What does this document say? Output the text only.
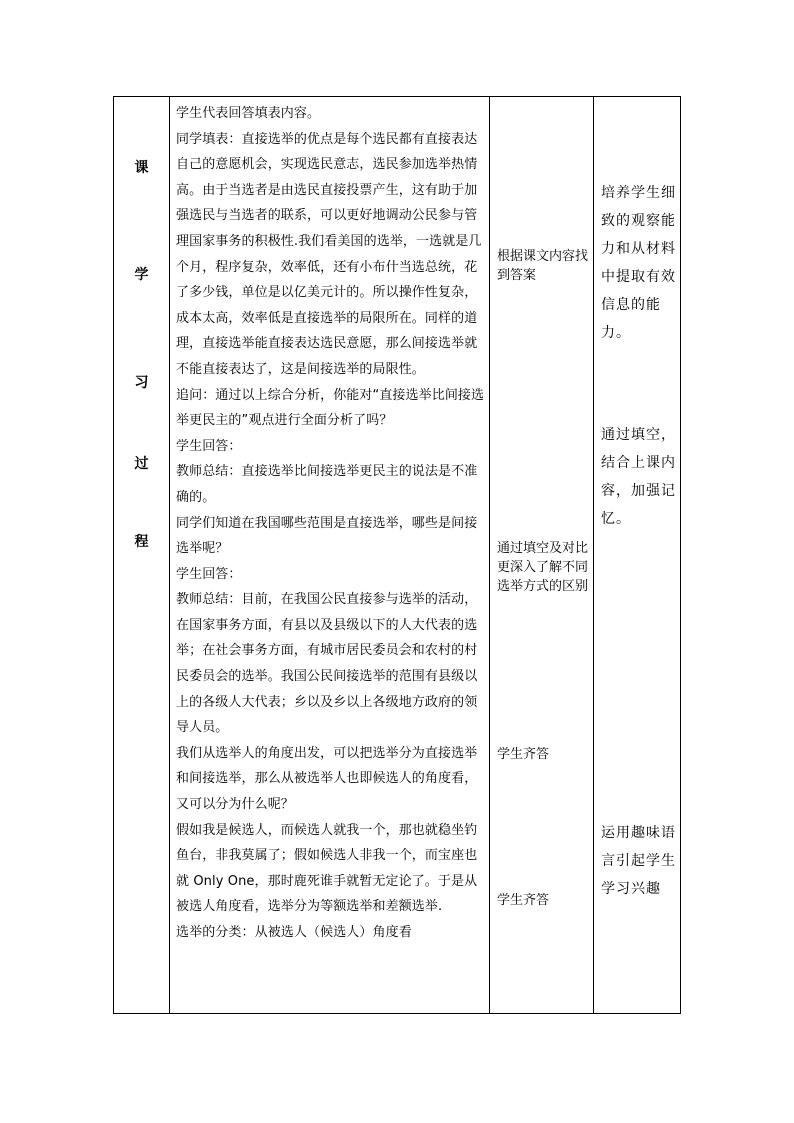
课
学
习
过
程

学生代表回答填表内容。

同学填表：直接选举的优点是每个选民都有直接表达自己的意愿机会，实现选民意志，选民参加选举热情高。由于当选者是由选民直接投票产生，这有助于加强选民与当选者的联系，可以更好地调动公民参与管理国家事务的积极性.我们看美国的选举，一选就是几个月，程序复杂，效率低，还有小布什当选总统，花了多少钱，单位是以亿美元计的。所以操作性复杂，成本太高，效率低是直接选举的局限所在。同样的道理，直接选举能直接表达选民意愿，那么间接选举就不能直接表达了，这是间接选举的局限性。

追问：通过以上综合分析，你能对“直接选举比间接选举更民主的”观点进行全面分析了吗？

学生回答：

教师总结：直接选举比间接选举更民主的说法是不准确的。

同学们知道在我国哪些范围是直接选举，哪些是间接选举呢？

学生回答：

教师总结：目前，在我国公民直接参与选举的活动，在国家事务方面，有县以及县级以下的人大代表的选举；在社会事务方面，有城市居民委员会和农村的村民委员会的选举。我国公民间接选举的范围有县级以上的各级人大代表；乡以及乡以上各级地方政府的领导人员。

我们从选举人的角度出发，可以把选举分为直接选举和间接选举，那么从被选举人也即候选人的角度看，又可以分为什么呢？

假如我是候选人，而候选人就我一个，那也就稳坐钓鱼台，非我莫属了；假如候选人非我一个，而宝座也就 Only One，那时鹿死谁手就暂无定论了。于是从被选人角度看，选举分为等额选举和差额选举.

选举的分类：从被选人（候选人）角度看

根据课文内容找到答案
通过填空及对比更深入了解不同选举方式的区别
学生齐答
学生齐答
培养学生细致的观察能力和从材料中提取有效信息的能力。
通过填空，结合上课内容，加强记忆。
运用趣味语言引起学生学习兴趣
